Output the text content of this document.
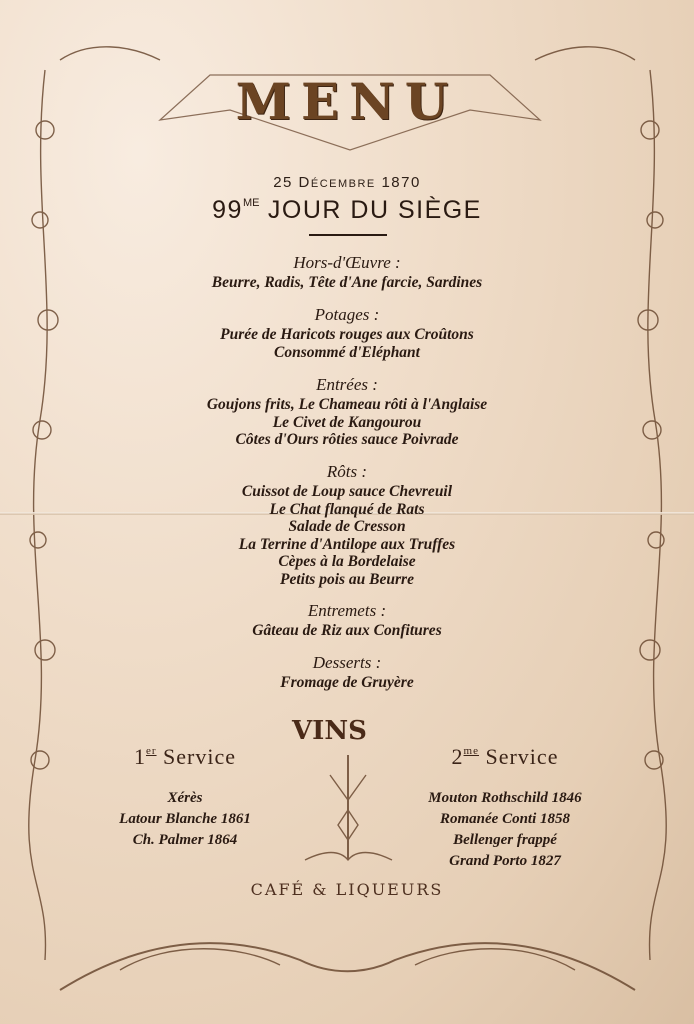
MENU
25 Décembre 1870
$99^{ME}$ JOUR DU SIÈGE
Hors-d'Œuvre :
Beurre, Radis, Tête d'Ane farcie, Sardines
Potages :
Purée de Haricots rouges aux Croûtons
Consommé d'Eléphant
Entrées :
Goujons frits, Le Chameau rôti à l'Anglaise
Le Civet de Kangourou
Côtes d'Ours rôties sauce Poivrade
Rôts :
Cuissot de Loup sauce Chevreuil
Le Chat flanqué de Rats
Salade de Cresson
La Terrine d'Antilope aux Truffes
Cèpes à la Bordelaise
Petits pois au Beurre
Entremets :
Gâteau de Riz aux Confitures
Desserts :
Fromage de Gruyère
VINS
1er Service
Xérès
Latour Blanche 1861
Ch. Palmer 1864
$2^{me}$ Service
Mouton Rothschild 1846
Romanée Conti 1858
Bellenger frappé
Grand Porto 1827
CAFÉ & LIQUEURS
